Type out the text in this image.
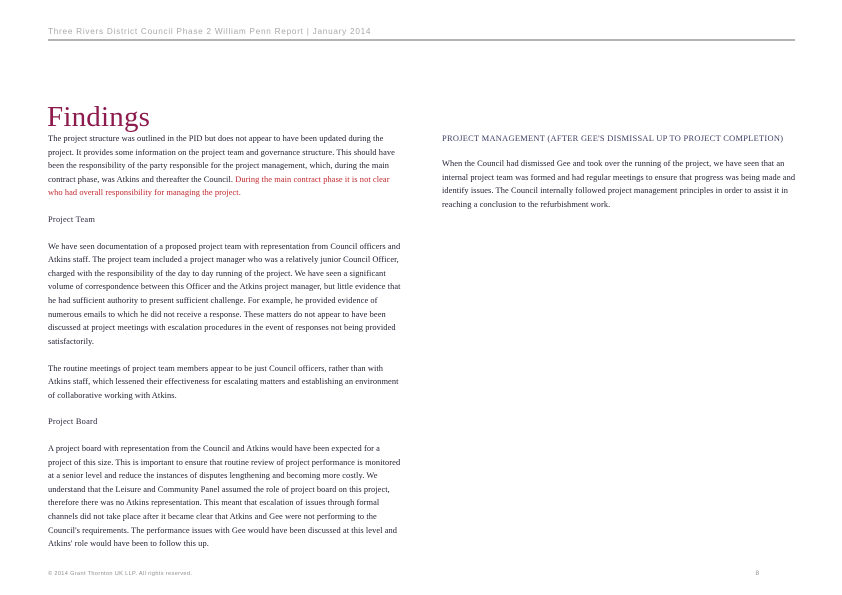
Three Rivers District Council Phase 2 William Penn Report | January 2014
Findings

The project structure was outlined in the PID but does not appear to have been updated during the project. It provides some information on the project team and governance structure. This should have been the responsibility of the party responsible for the project management, which, during the main contract phase, was Atkins and thereafter the Council. During the main contract phase it is not clear who had overall responsibility for managing the project.

Project Team

We have seen documentation of a proposed project team with representation from Council officers and Atkins staff. The project team included a project manager who was a relatively junior Council Officer, charged with the responsibility of the day to day running of the project. We have seen a significant volume of correspondence between this Officer and the Atkins project manager, but little evidence that he had sufficient authority to present sufficient challenge. For example, he provided evidence of numerous emails to which he did not receive a response. These matters do not appear to have been discussed at project meetings with escalation procedures in the event of responses not being provided satisfactorily.

The routine meetings of project team members appear to be just Council officers, rather than with Atkins staff, which lessened their effectiveness for escalating matters and establishing an environment of collaborative working with Atkins.

Project Board

A project board with representation from the Council and Atkins would have been expected for a project of this size. This is important to ensure that routine review of project performance is monitored at a senior level and reduce the instances of disputes lengthening and becoming more costly. We understand that the Leisure and Community Panel assumed the role of project board on this project, therefore there was no Atkins representation. This meant that escalation of issues through formal channels did not take place after it became clear that Atkins and Gee were not performing to the Council's requirements. The performance issues with Gee would have been discussed at this level and Atkins' role would have been to follow this up.

PROJECT MANAGEMENT (AFTER GEE'S DISMISSAL UP TO PROJECT COMPLETION)

When the Council had dismissed Gee and took over the running of the project, we have seen that an internal project team was formed and had regular meetings to ensure that progress was being made and identify issues. The Council internally followed project management principles in order to assist it in reaching a conclusion to the refurbishment work.

© 2014 Grant Thornton UK LLP. All rights reserved.	8
